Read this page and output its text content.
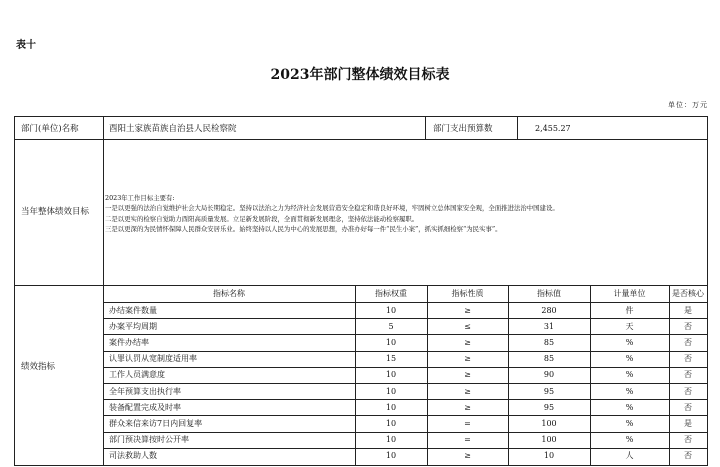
表十
2023年部门整体绩效目标表
单位：万元
部门(单位)名称	酉阳土家族苗族自治县人民检察院	部门支出预算数	2,455.27
当年整体绩效目标
2023年工作目标主要有:
一是以更强的法治自觉维护社会大局长期稳定。坚持以法治之力为经济社会发展营造安全稳定和谐良好环境，牢固树立总体国家安全观，全面推进法治中国建设。
二是以更实的检察自觉助力酉阳高质量发展。立足新发展阶段，全面贯彻新发展理念，坚持依法能动检察履职。
三是以更深的为民情怀保障人民群众安居乐业。始终坚持以人民为中心的发展思想，办准办好每一件“民生小案”，抓实抓细检察“为民实事”。
绩效指标
指标名称	指标权重	指标性质	指标值	计量单位	是否核心
办结案件数量	10	≥	280	件	是
办案平均周期	5	≤	31	天	否
案件办结率	10	≥	85	%	否
认罪认罚从宽制度适用率	15	≥	85	%	否
工作人员满意度	10	≥	90	%	否
全年预算支出执行率	10	≥	95	%	否
装备配置完成及时率	10	≥	95	%	否
群众来信来访7日内回复率	10	=	100	%	是
部门预决算按时公开率	10	=	100	%	否
司法救助人数	10	≥	10	人	否
